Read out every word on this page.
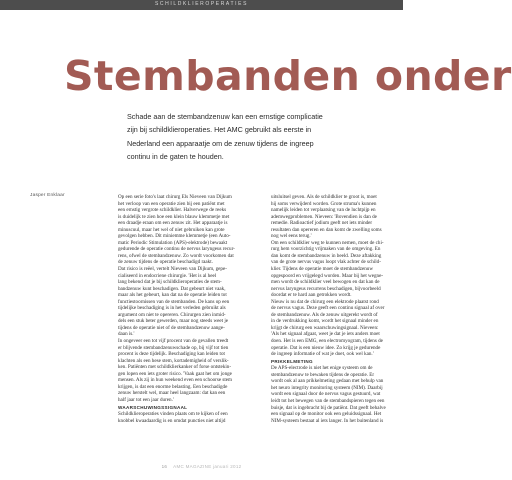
SCHILDKLIEROPERATIES
Stembanden onder
Schade aan de stembandzenuw kan een ernstige complicatie
zijn bij schildklieroperaties. Het AMC gebruikt als eerste in
Nederland een apparaatje om de zenuw tijdens de ingreep
continu in de gaten te houden.
Jasper Enklaar	Op een serie foto's laat chirurg Els Nieveen van Dijkum
het verloop van een operatie zien bij een patiënt met
een ernstig vergrote schildklier. Halverwege de reeks
is duidelijk te zien hoe een klein blauw klemmetje met
een draadje eraan om een zenuw zit. Het apparaatje is
minuscuul, maar het wel of niet gebruiken kan grote
gevolgen hebben. Dit miniemme klemmetje (een Auto-
matic Periodic Stimulation (APS)-elektrode) bewaakt
gedurende de operatie continu de nervus laryngeus recur-
rens, ofwel de stembandzenuw. Zo wordt voorkomen dat
de zenuw tijdens de operatie beschadigd raakt.
Dat risico is reëel, vertelt Nieveen van Dijkum, gepe-
cialiseerd in endocriene chirurgie. 'Het is al heel
lang bekend dat je bij schildklieroperaties de stem-
bandzenuw kunt beschadigen. Dat gebeurt niet vaak,
maar als het gebeurt, kan dat na de operatie leiden tot
functiestoornissen van de stembanden. De kans op een
tijdelijke beschadiging is in het verleden gebruikt als
argument om niet te opereren. Chirurgen zien inmid-
dels een stuk beter gewerden, maar nog steeds weet je
tijdens de operatie niet of de stembandzenuw aange-
daan is.'
In ongeveer een tot vijf procent van de gevallen treedt
er blijvende stembandzenuwschade op, bij vijf tot tien
procent is deze tijdelijk. Beschadiging kan leiden tot
klachten als een hese stem, kortademigheid of verslik-
ken. Patiënten met schildklierkanker of forse ontstekin-
gen lopen een iets groter risico. 'Vaak gaat het om jonge
mensen. Als zij in hun weekend even een schoorse stem
krijgen, is dat een enorme belasting. Een beschadigde
zenuw herstelt wel, maar heel langzaam: dat kan een
half jaar tot een jaar duren.'

WAARSCHUWINGSSIGNAAL

Schildklieroperaties vinden plaats om te kijken of een
knobbel kwaadaardig is en omdat puncties niet altijd

uitsluitsel geven. Als de schildklier te groot is, moet
hij soms verwijderd worden. Grote struma's kunnen
namelijk leiden tot verplaatsing van de luchtpijp en
ademwegproblemen. Nieveen: 'Bovendien is dan de
remedie. Radioactief jodium geeft net iets minder
resultaten dan opereren en dan komt de zwelling soms
nog wel eens terug.'
Om een schildklier weg te kunnen nemen, moet de chi-
rurg hem voorzichtig vrijmaken van de omgeving. En
dan komt de stembandzenuw in beeld. Deze aftakking
van de grote nervus vagus loopt vlak achter de schild-
klier. Tijdens de operatie moet de stembandzenuw
opgespoord en vrijgelegd worden. Maar bij het wegne-
men wordt de schildklier veel bewogen en dat kan de
nervus laryngeus recurrens beschadigen, bijvoorbeeld
doordat er te hard aan getrokken wordt.
Nieuw is nu dat de chirurg een elektrode plaatst rond
de nervus vagus. Deze geeft een continu signaal af over
de stembandzenuw. Als de zenuw uitgerekt wordt of
in de verdrukking komt, wordt het signaal minder en
krijgt de chirurg een waarschuwingsignaal. Nieveen:
'Als het signaal afgaat, weet je dat je iets anders moet
doen. Het is een EMG, een electromyogram, tijdens de
operatie. Dat is een nieuw idee. Zo krijg je gedurende
de ingreep informatie of wat je doet, ook wel kan.'

PRIKKELMETING

De APS-electrode is niet het enige systeem om de
stembandzenuw te bewaken tijdens de operatie. Er
wordt ook al aan prikkelmeting gedaan met behulp van
het neuro integrity monitoring systeem (NIM). Daarbij
wordt een signaal door de nervus vagus gestuurd, wat
leidt tot het bewegen van de stembandspieren tegen een
buisje, dat is ingebracht bij de patiënt. Dat geeft behalve
een signaal op de monitor ook een geluidssignaal. Het
NIM-systeem bestaat al iets langer. In het buitenland is

16 AMC MAGAZINE januari 2012
